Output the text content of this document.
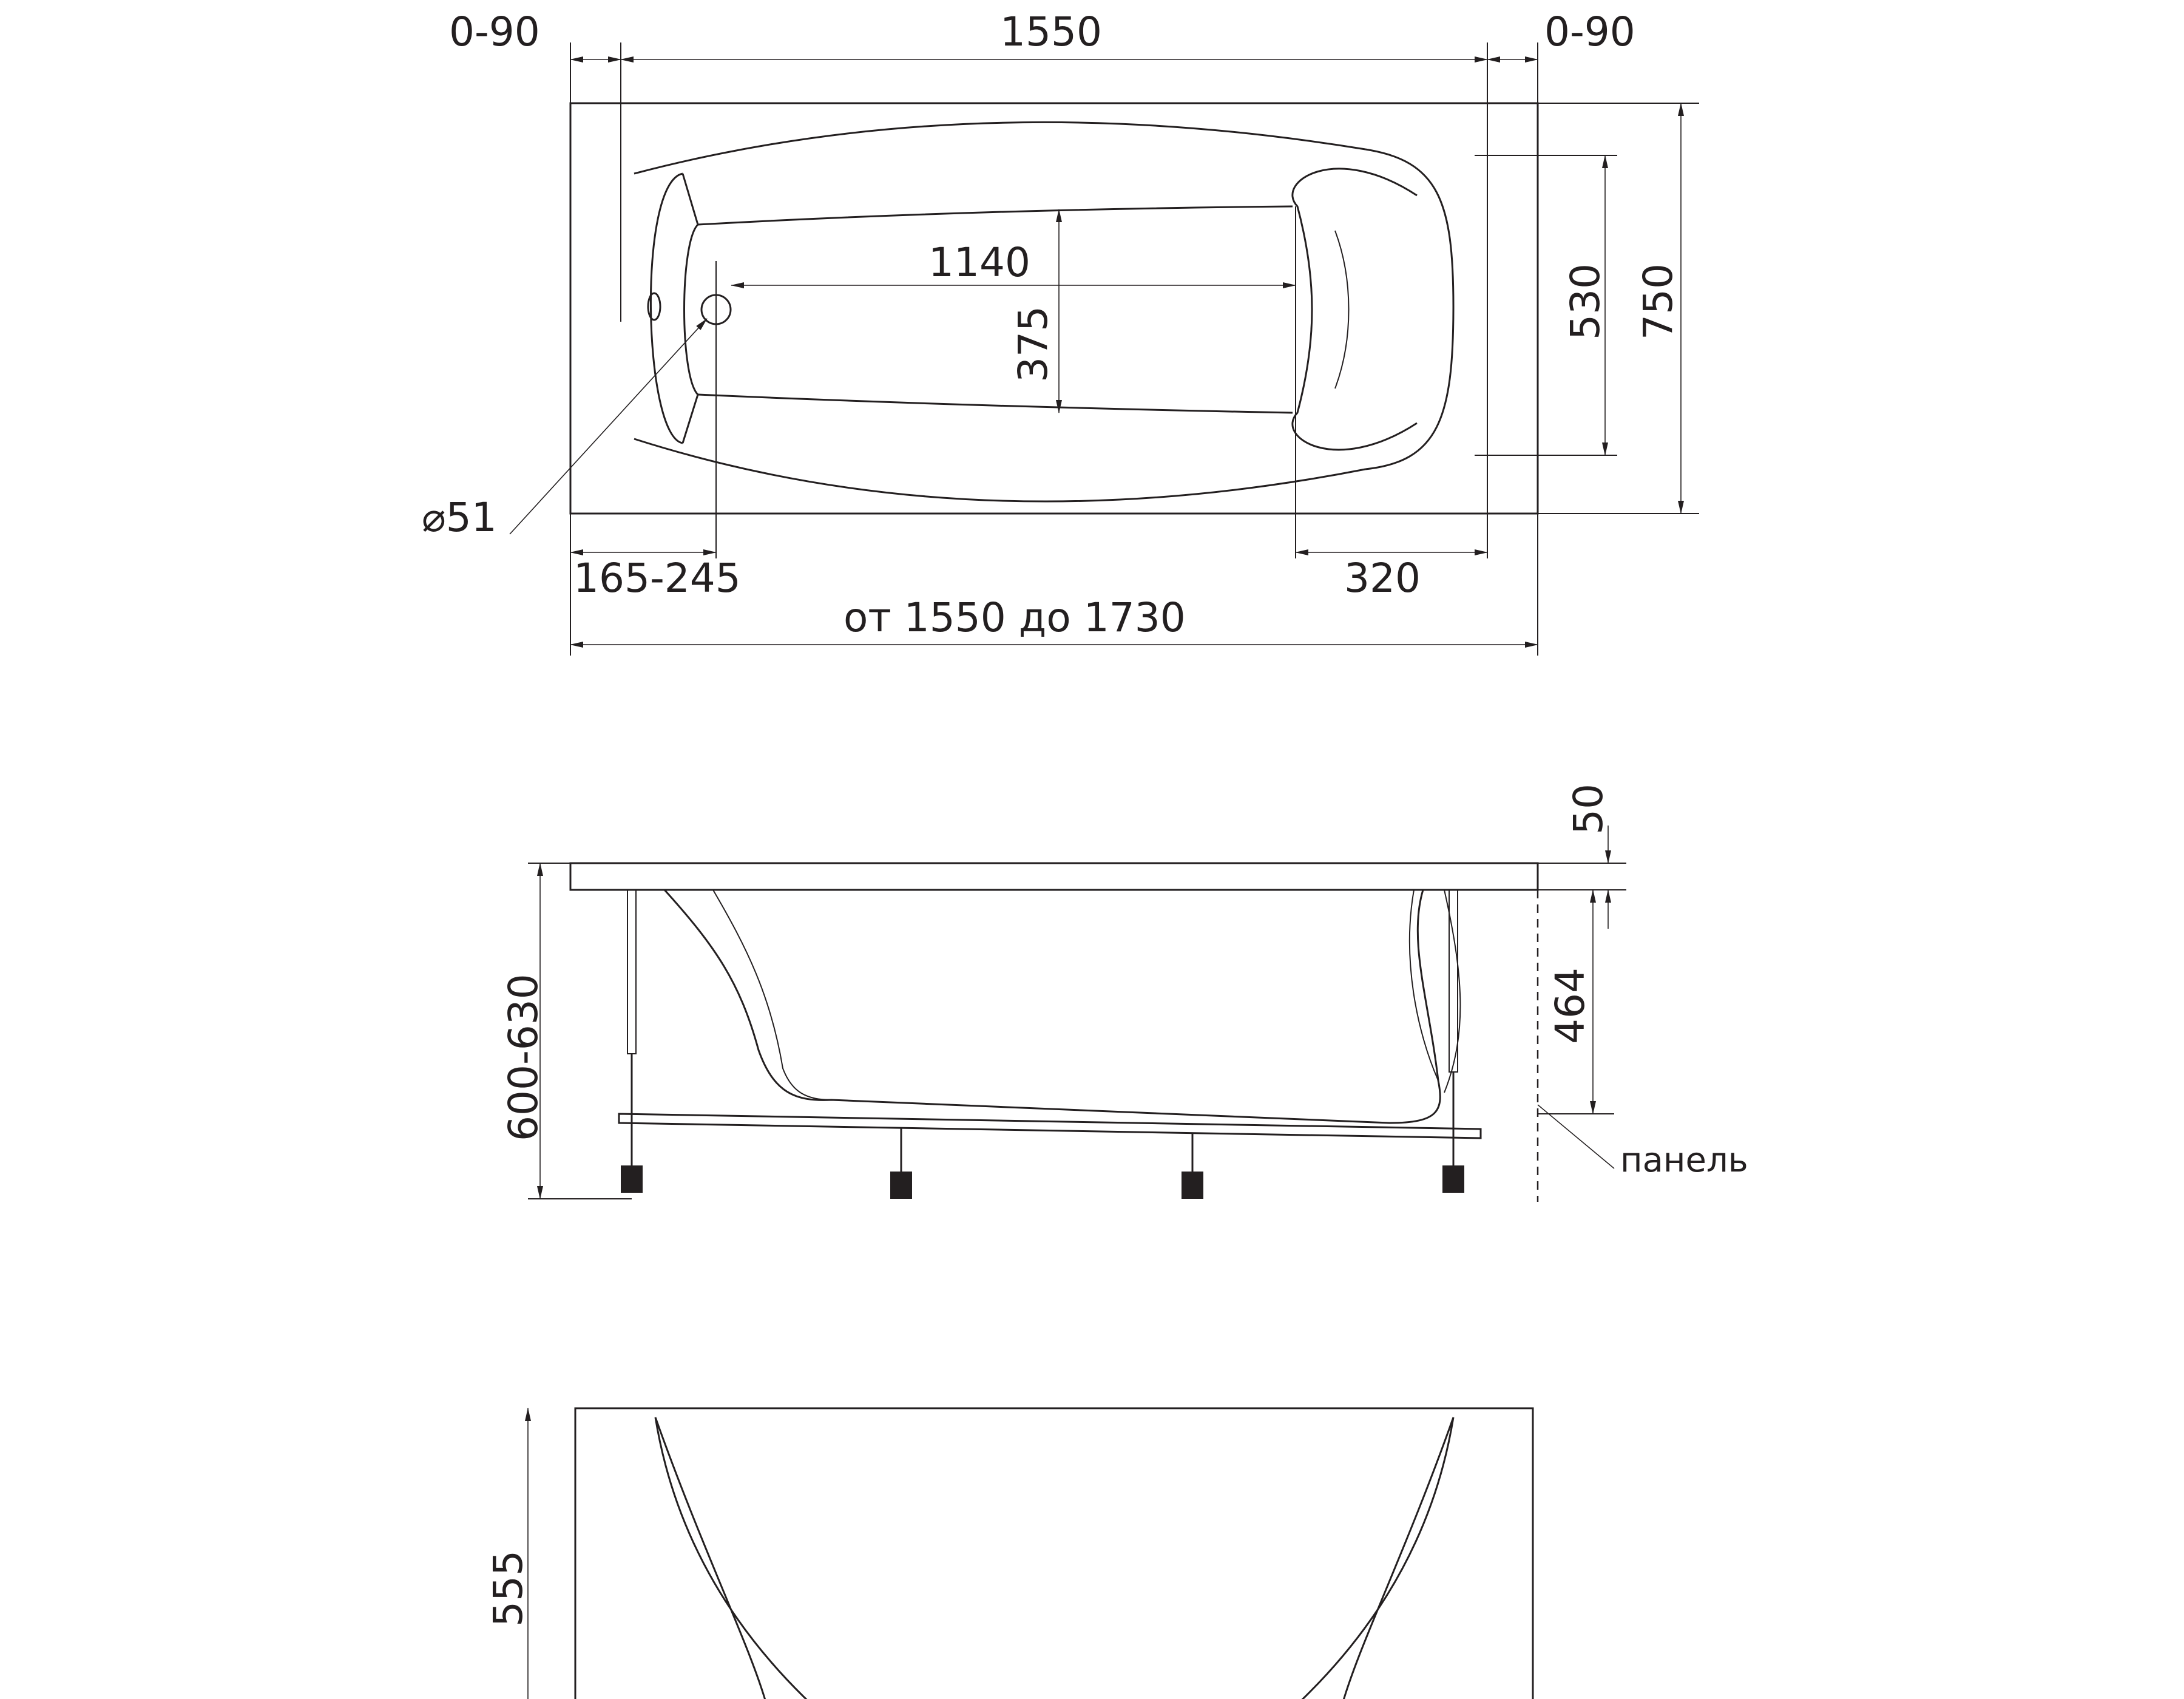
0-90	1550	0-90
1140
375
530 750
⌀51
165-245	320
от 1550 до 1730
50
464
панель
600-630
555
